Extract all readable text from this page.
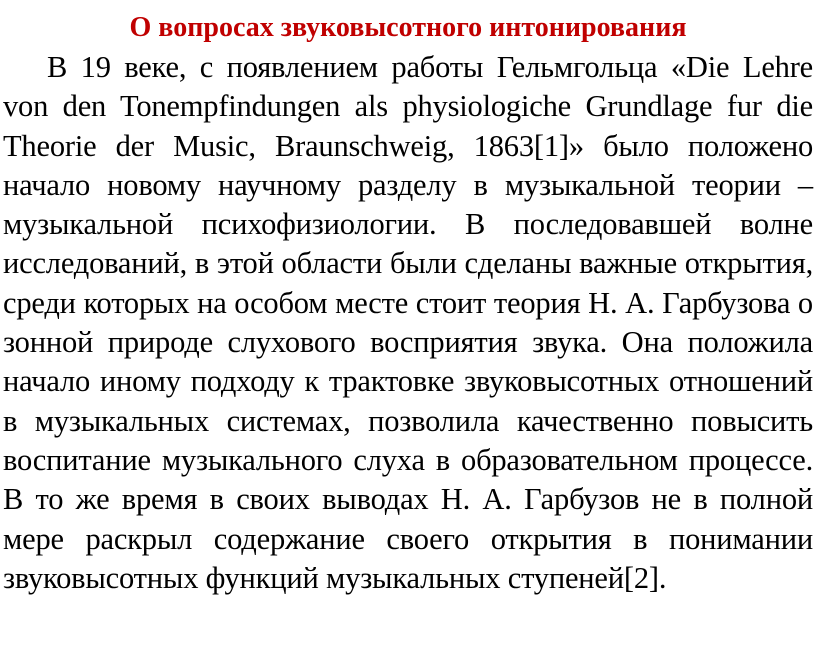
О вопросах звуковысотного интонирования

В 19 веке, с появлением работы Гельмгольца «Die Lehre von den Tonempfindungen als physiologiche Grundlage fur die Theorie der Music, Braunschweig, 1863[1]» было положено начало новому научному разделу в музыкальной теории – музыкальной психофизиологии. В последовавшей волне исследований, в этой области были сделаны важные открытия, среди которых на особом месте стоит теория Н. А. Гарбузова о зонной природе слухового восприятия звука. Она положила начало иному подходу к трактовке звуковысотных отношений в музыкальных системах, позволила качественно повысить воспитание музыкального слуха в образовательном процессе. В то же время в своих выводах Н. А. Гарбузов не в полной мере раскрыл содержание своего открытия в понимании звуковысотных функций музыкальных ступеней[2].
